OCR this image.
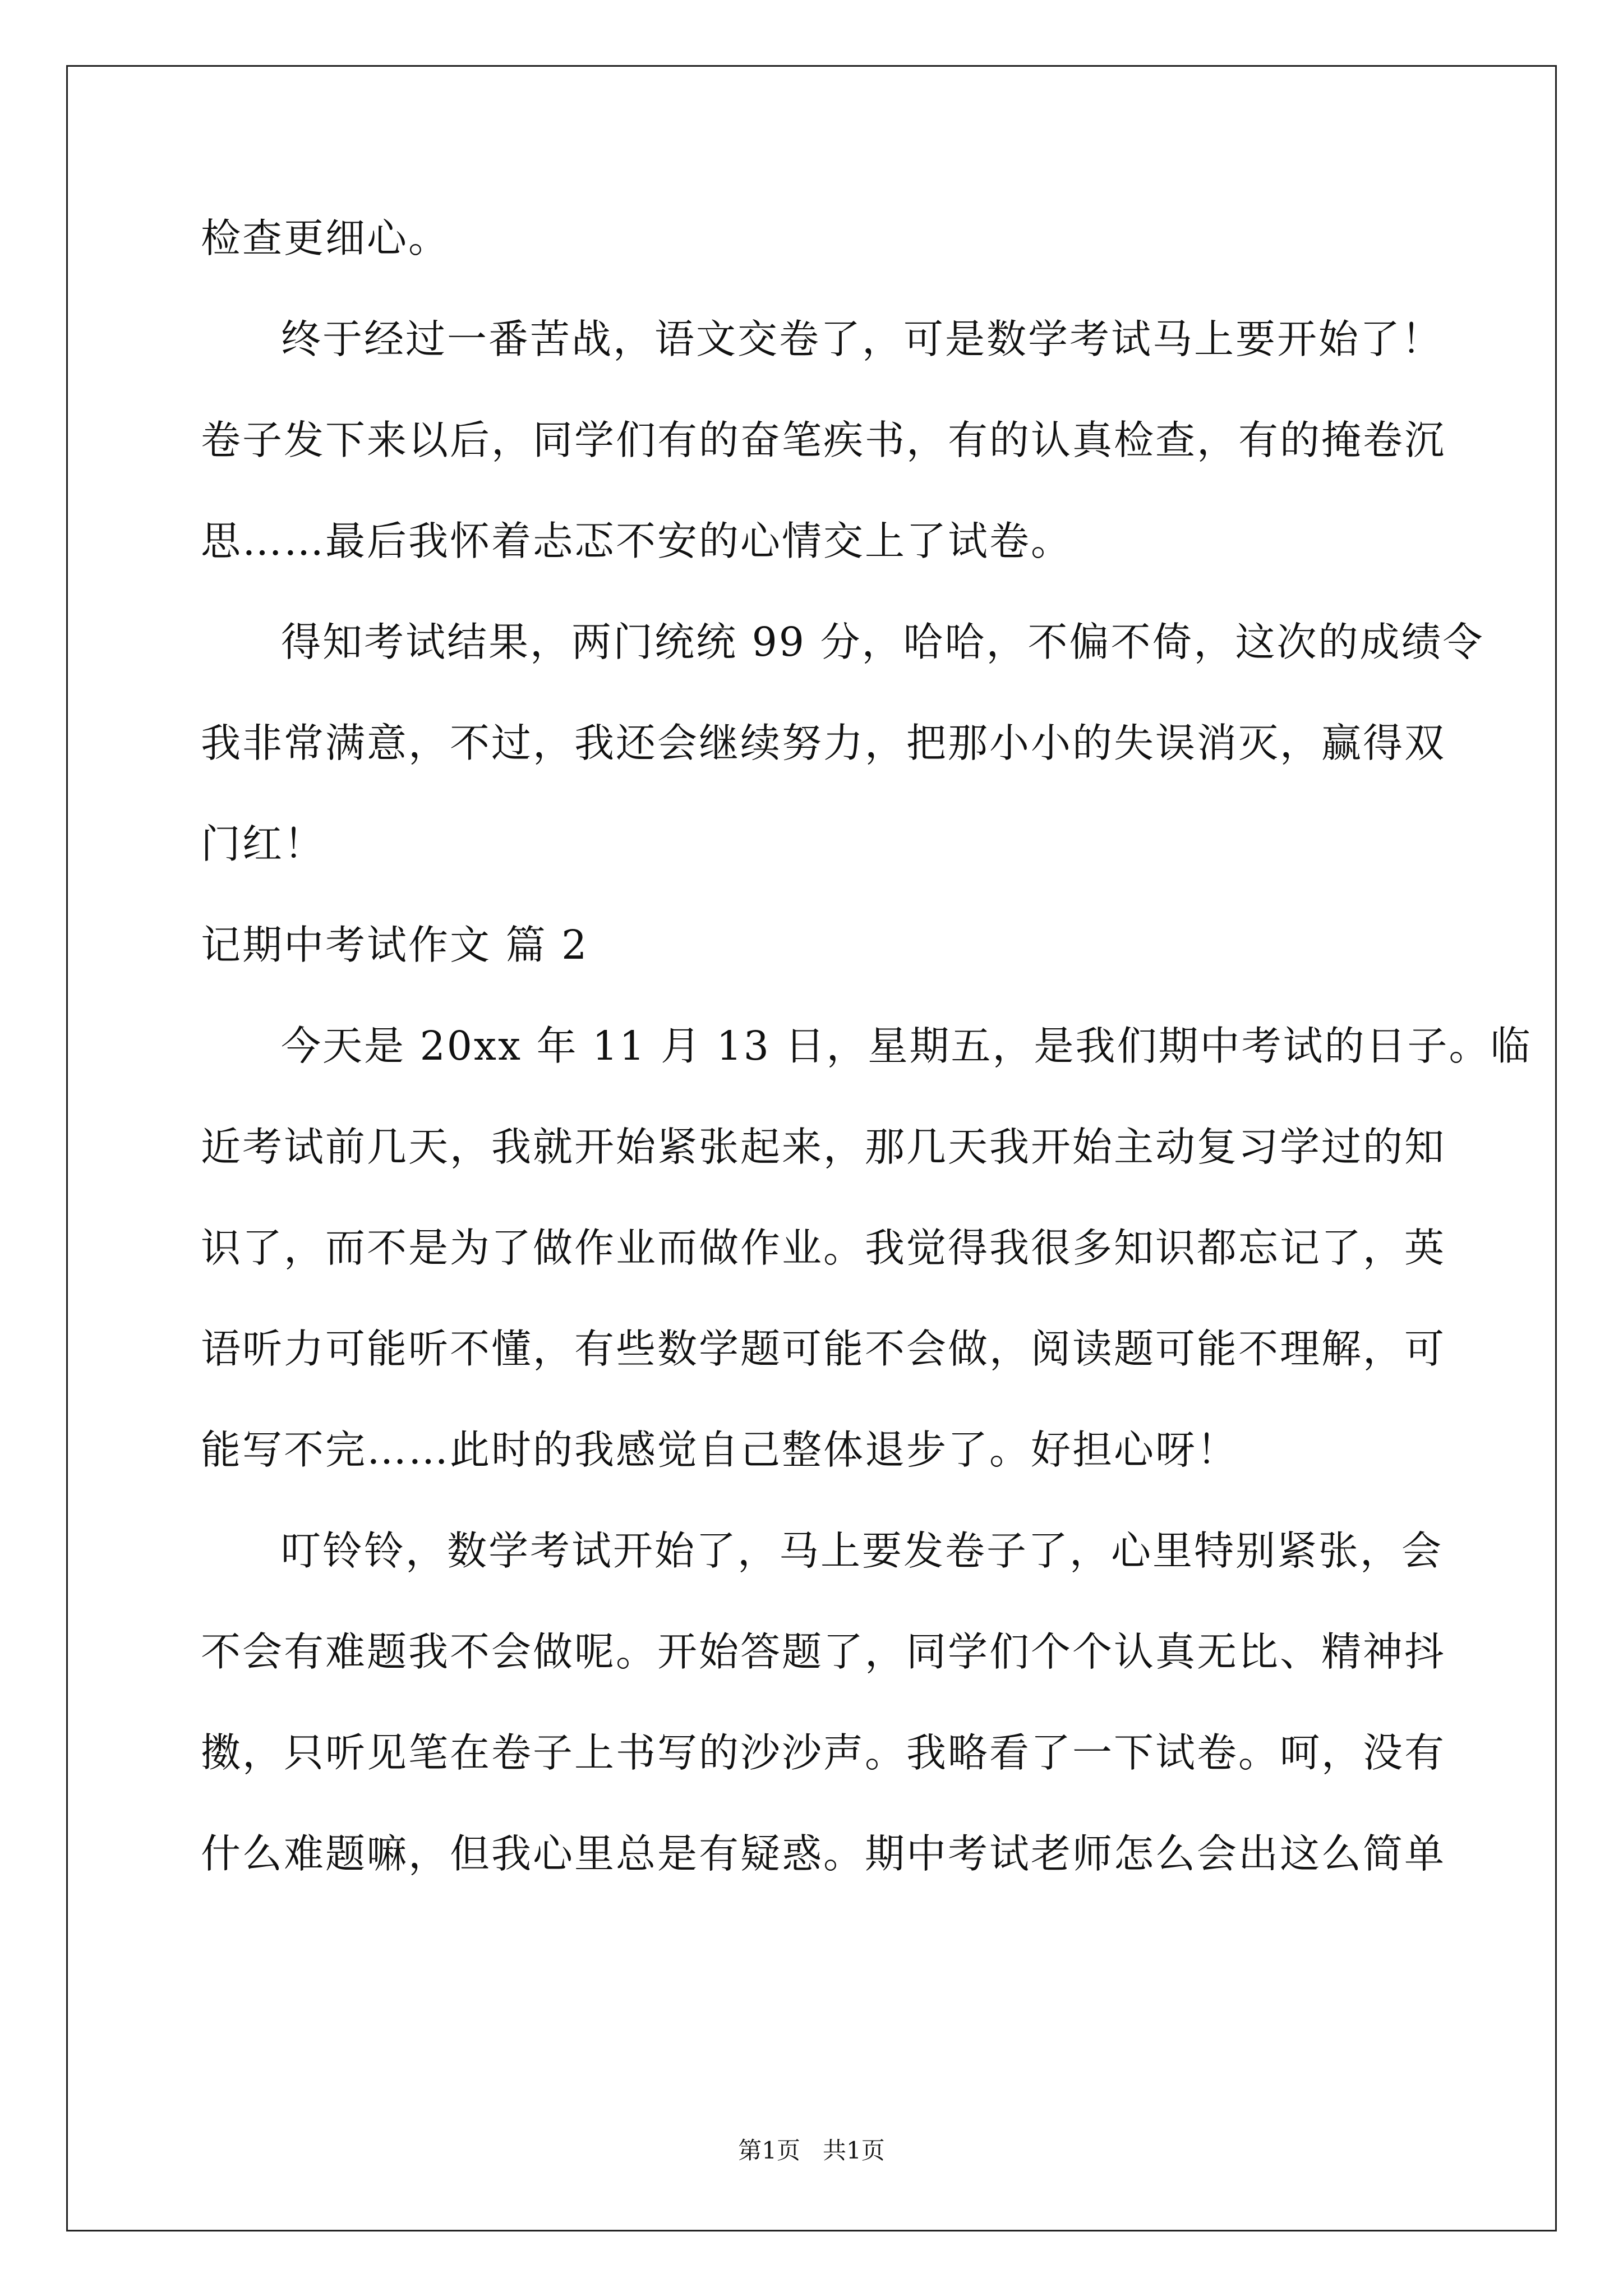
检查更细心。
终于经过一番苦战，语文交卷了，可是数学考试马上要开始了！
卷子发下来以后，同学们有的奋笔疾书，有的认真检查，有的掩卷沉
思……最后我怀着忐忑不安的心情交上了试卷。
得知考试结果，两门统统 99 分，哈哈，不偏不倚，这次的成绩令
我非常满意，不过，我还会继续努力，把那小小的失误消灭，赢得双
门红！
记期中考试作文 篇 2
今天是 20xx 年 11 月 13 日，星期五，是我们期中考试的日子。临
近考试前几天，我就开始紧张起来，那几天我开始主动复习学过的知
识了，而不是为了做作业而做作业。我觉得我很多知识都忘记了，英
语听力可能听不懂，有些数学题可能不会做，阅读题可能不理解，可
能写不完……此时的我感觉自己整体退步了。好担心呀！
叮铃铃，数学考试开始了，马上要发卷子了，心里特别紧张，会
不会有难题我不会做呢。开始答题了，同学们个个认真无比、精神抖
擞，只听见笔在卷子上书写的沙沙声。我略看了一下试卷。呵，没有
什么难题嘛，但我心里总是有疑惑。期中考试老师怎么会出这么简单
第1页   共1页
